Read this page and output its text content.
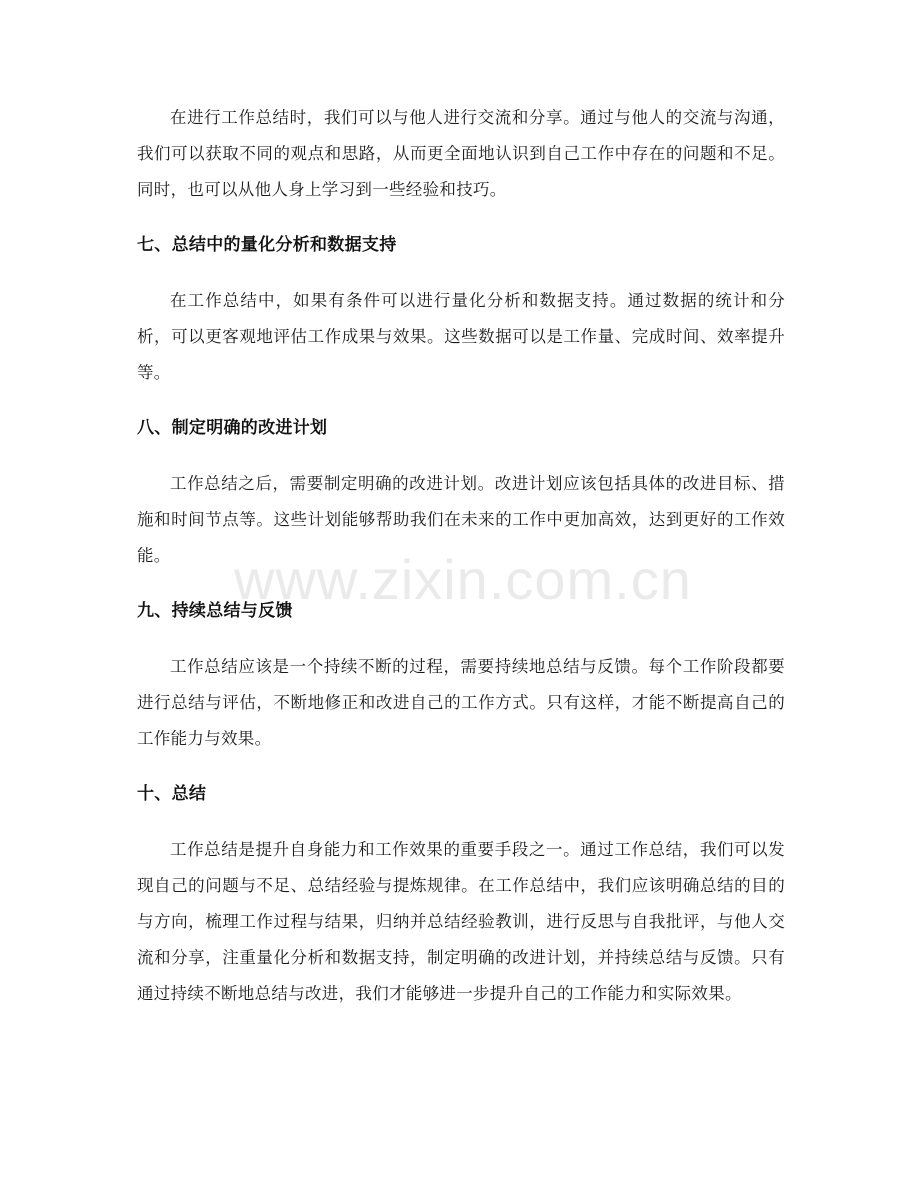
在进行工作总结时，我们可以与他人进行交流和分享。通过与他人的交流与沟通，我们可以获取不同的观点和思路，从而更全面地认识到自己工作中存在的问题和不足。同时，也可以从他人身上学习到一些经验和技巧。

七、总结中的量化分析和数据支持

在工作总结中，如果有条件可以进行量化分析和数据支持。通过数据的统计和分析，可以更客观地评估工作成果与效果。这些数据可以是工作量、完成时间、效率提升等。

八、制定明确的改进计划

工作总结之后，需要制定明确的改进计划。改进计划应该包括具体的改进目标、措施和时间节点等。这些计划能够帮助我们在未来的工作中更加高效，达到更好的工作效能。

九、持续总结与反馈

工作总结应该是一个持续不断的过程，需要持续地总结与反馈。每个工作阶段都要进行总结与评估，不断地修正和改进自己的工作方式。只有这样，才能不断提高自己的工作能力与效果。

十、总结

工作总结是提升自身能力和工作效果的重要手段之一。通过工作总结，我们可以发现自己的问题与不足、总结经验与提炼规律。在工作总结中，我们应该明确总结的目的与方向，梳理工作过程与结果，归纳并总结经验教训，进行反思与自我批评，与他人交流和分享，注重量化分析和数据支持，制定明确的改进计划，并持续总结与反馈。只有通过持续不断地总结与改进，我们才能够进一步提升自己的工作能力和实际效果。

www.zixin.com.cn
